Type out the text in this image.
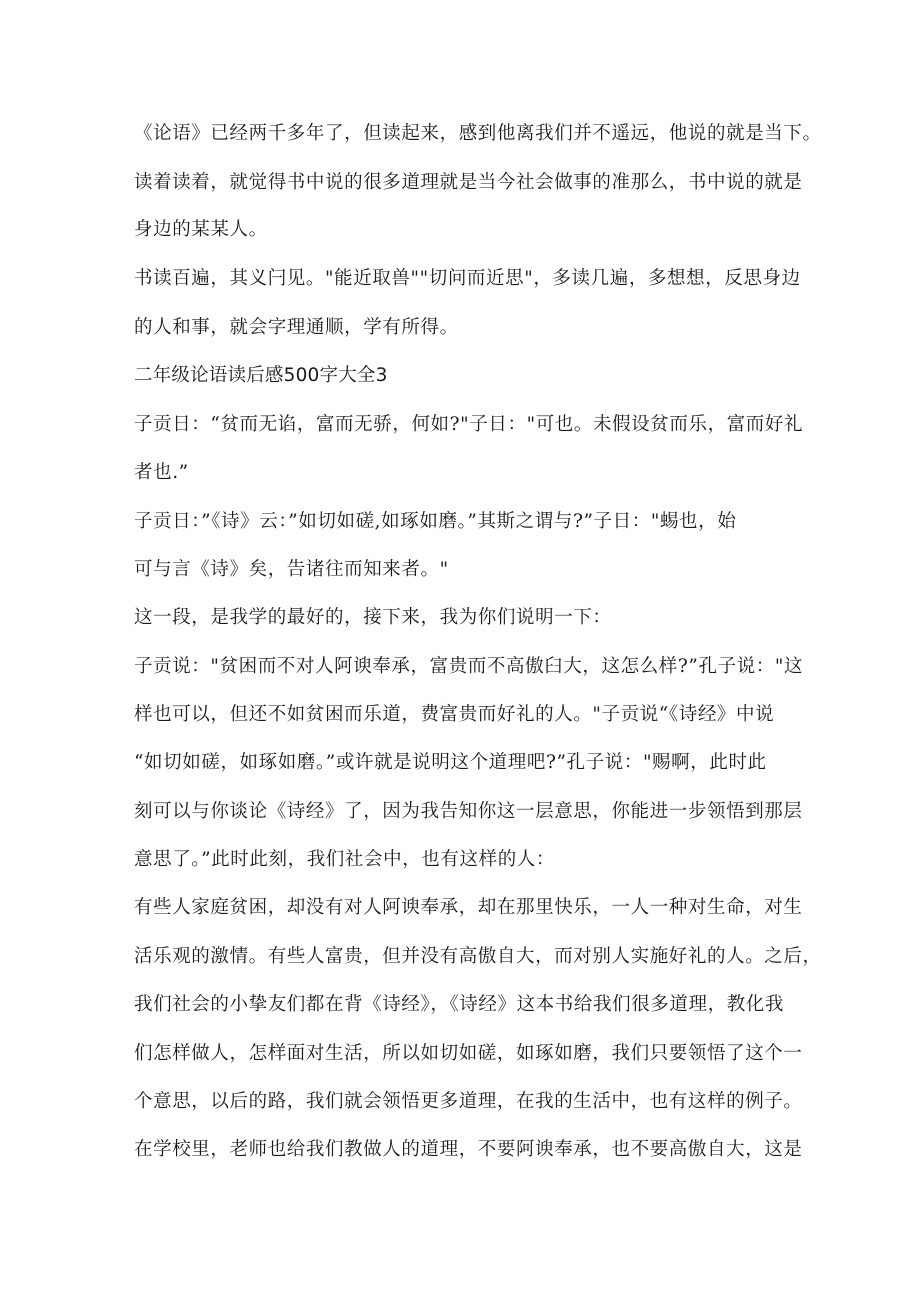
《论语》已经两千多年了，但读起来，感到他离我们并不遥远，他说的就是当下。

读着读着，就觉得书中说的很多道理就是当今社会做事的准那么，书中说的就是

身边的某某人。

书读百遍，其义闩见。"能近取兽""切问而近思"，多读几遍，多想想，反思身边

的人和事，就会字理通顺，学有所得。

二年级论语读后感500字大全3

子贡日：“贫而无谄，富而无骄，何如?"子日："可也。未假设贫而乐，富而好礼

者也.”

子贡日：”《诗》云：”如切如磋,如琢如磨。”其斯之谓与?”子日："蜴也，始

可与言《诗》矣，告诸往而知来者。"

这一段，是我学的最好的，接下来，我为你们说明一下：

子贡说："贫困而不对人阿谀奉承，富贵而不高傲臼大，这怎么样?”孔子说："这

样也可以，但还不如贫困而乐道，费富贵而好礼的人。"子贡说“《诗经》中说

“如切如磋，如琢如磨。”或许就是说明这个道理吧?”孔子说："赐啊，此时此

刻可以与你谈论《诗经》了，因为我告知你这一层意思，你能进一步领悟到那层

意思了。”此时此刻，我们社会中，也有这样的人：

有些人家庭贫困，却没有对人阿谀奉承，却在那里快乐，一人一种对生命，对生

活乐观的激情。有些人富贵，但并没有高傲自大，而对别人实施好礼的人。之后，

我们社会的小挚友们都在背《诗经》，《诗经》这本书给我们很多道理，教化我

们怎样做人，怎样面对生活，所以如切如磋，如琢如磨，我们只要领悟了这个一

个意思，以后的路，我们就会领悟更多道理，在我的生活中，也有这样的例子。

在学校里，老师也给我们教做人的道理，不要阿谀奉承，也不要高傲自大，这是
